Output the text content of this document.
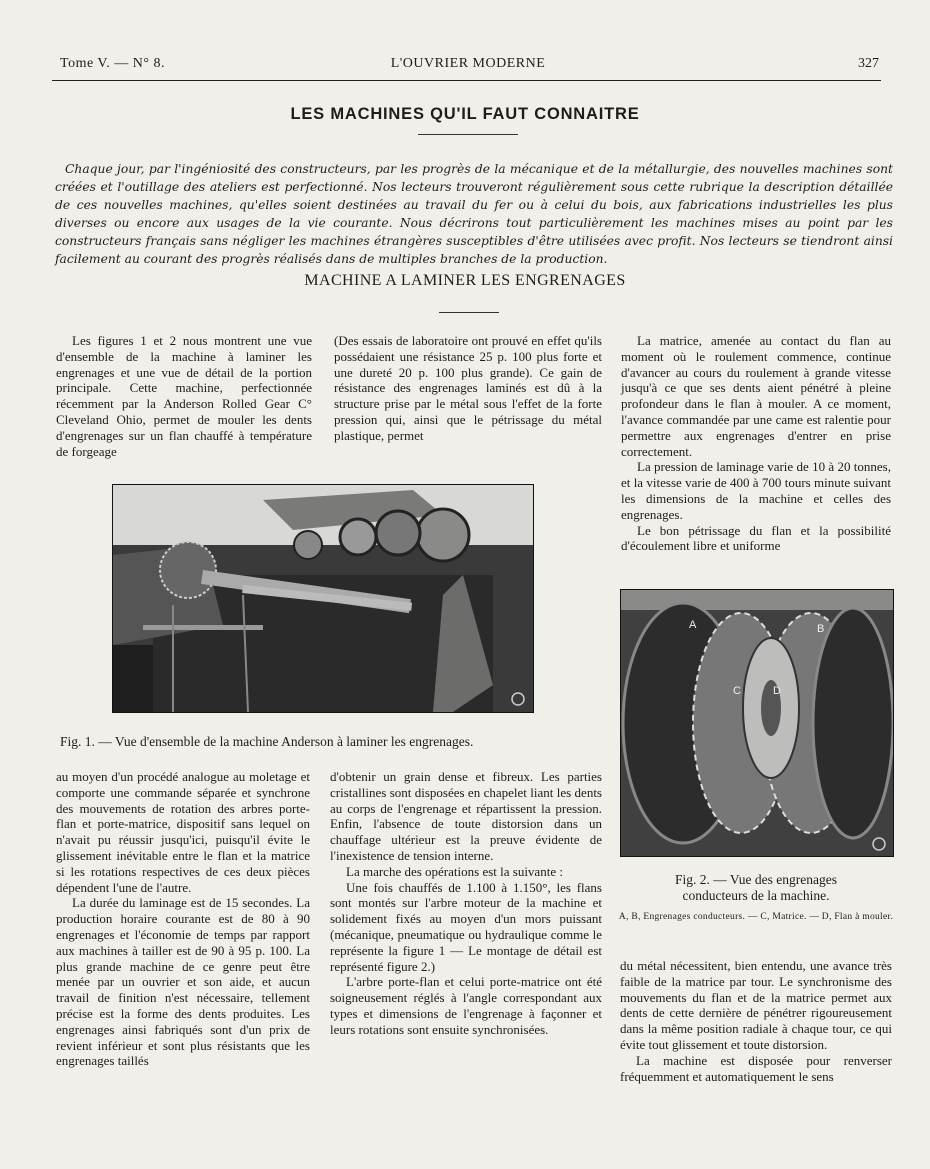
Tome V. — N° 8.	L'OUVRIER MODERNE	327
LES MACHINES QU'IL FAUT CONNAITRE
Chaque jour, par l'ingéniosité des constructeurs, par les progrès de la mécanique et de la métallurgie, des nouvelles machines sont créées et l'outillage des ateliers est perfectionné. Nos lecteurs trouveront régulièrement sous cette rubrique la description détaillée de ces nouvelles machines, qu'elles soient destinées au travail du fer ou à celui du bois, aux fabrications industrielles les plus diverses ou encore aux usages de la vie courante. Nous décrirons tout particulièrement les machines mises au point par les constructeurs français sans négliger les machines étrangères susceptibles d'être utilisées avec profit. Nos lecteurs se tiendront ainsi facilement au courant des progrès réalisés dans de multiples branches de la production.
MACHINE A LAMINER LES ENGRENAGES

Les figures 1 et 2 nous montrent une vue d'ensemble de la machine à laminer les engrenages et une vue de détail de la portion principale. Cette machine, perfectionnée récemment par la Anderson Rolled Gear C° Cleveland Ohio, permet de mouler les dents d'engrenages sur un flan chauffé à température de forgeage

(Des essais de laboratoire ont prouvé en effet qu'ils possédaient une résistance 25 p. 100 plus forte et une dureté 20 p. 100 plus grande). Ce gain de résistance des engrenages laminés est dû à la structure prise par le métal sous l'effet de la forte pression qui, ainsi que le pétrissage du métal plastique, permet

La matrice, amenée au contact du flan au moment où le roulement commence, continue d'avancer au cours du roulement à grande vitesse jusqu'à ce que ses dents aient pénétré à pleine profondeur dans le flan à mouler. A ce moment, l'avance commandée par une came est ralentie pour permettre aux engrenages d'entrer en prise correctement.

La pression de laminage varie de 10 à 20 tonnes, et la vitesse varie de 400 à 700 tours minute suivant les dimensions de la machine et celles des engrenages.

Le bon pétrissage du flan et la possibilité d'écoulement libre et uniforme

Fig. 1. — Vue d'ensemble de la machine Anderson à laminer les engrenages.
A	B
C	D
Fig. 2. — Vue des engrenages
conducteurs de la machine.
A, B, Engrenages conducteurs. — C, Matrice. — D, Flan à mouler.

au moyen d'un procédé analogue au moletage et comporte une commande séparée et synchrone des mouvements de rotation des arbres porte-flan et porte-matrice, dispositif sans lequel on n'avait pu réussir jusqu'ici, puisqu'il évite le glissement inévitable entre le flan et la matrice si les rotations respectives de ces deux pièces dépendent l'une de l'autre.

La durée du laminage est de 15 secondes. La production horaire courante est de 80 à 90 engrenages et l'économie de temps par rapport aux machines à tailler est de 90 à 95 p. 100. La plus grande machine de ce genre peut être menée par un ouvrier et son aide, et aucun travail de finition n'est nécessaire, tellement précise est la forme des dents produites. Les engrenages ainsi fabriqués sont d'un prix de revient inférieur et sont plus résistants que les engrenages taillés

d'obtenir un grain dense et fibreux. Les parties cristallines sont disposées en chapelet liant les dents au corps de l'engrenage et répartissent la pression. Enfin, l'absence de toute distorsion dans un chauffage ultérieur est la preuve évidente de l'inexistence de tension interne.

La marche des opérations est la suivante :

Une fois chauffés de 1.100 à 1.150°, les flans sont montés sur l'arbre moteur de la machine et solidement fixés au moyen d'un mors puissant (mécanique, pneumatique ou hydraulique comme le représente la figure 1 — Le montage de détail est représenté figure 2.)

L'arbre porte-flan et celui porte-matrice ont été soigneusement réglés à l'angle correspondant aux types et dimensions de l'engrenage à façonner et leurs rotations sont ensuite synchronisées.

du métal nécessitent, bien entendu, une avance très faible de la matrice par tour. Le synchronisme des mouvements du flan et de la matrice permet aux dents de cette dernière de pénétrer rigoureusement dans la même position radiale à chaque tour, ce qui évite tout glissement et toute distorsion.

La machine est disposée pour renverser fréquemment et automatiquement le sens
